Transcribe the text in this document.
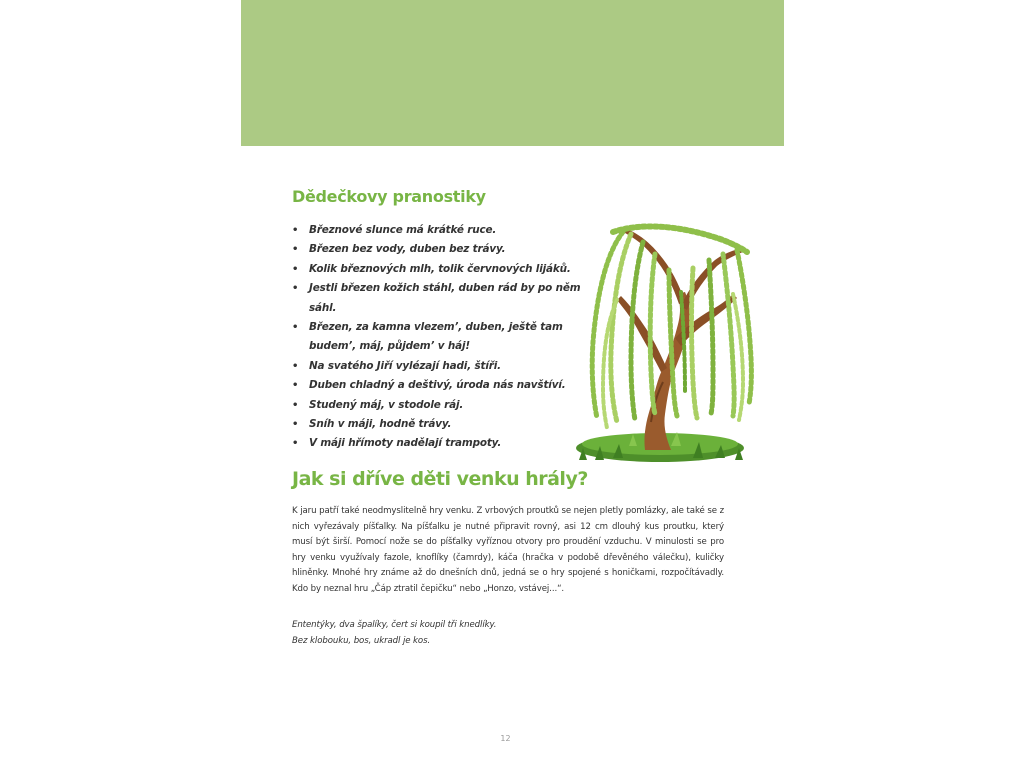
Dědečkovy pranostiky
• Březnové slunce má krátké ruce.
• Březen bez vody, duben bez trávy.
• Kolik březnových mlh, tolik červnových lijáků.
• Jestli březen kožich stáhl, duben rád by po něm sáhl.
• Březen, za kamna vlezem’, duben, ještě tam budem’, máj, půjdem’ v háj!
• Na svatého Jiří vylézají hadi, štíři.
• Duben chladný a deštivý, úroda nás navštíví.
• Studený máj, v stodole ráj.
• Sníh v máji, hodně trávy.
• V máji hřímoty nadělají trampoty.
Jak si dříve děti venku hrály?

K jaru patří také neodmyslitelně hry venku. Z vrbových proutků se nejen pletly pomlázky, ale také se z nich vyřezávaly píšťalky. Na píšťalku je nutné připravit rovný, asi 12 cm dlouhý kus proutku, který musí být širší. Pomocí nože se do píšťalky vyříznou otvory pro proudění vzduchu. V minulosti se pro hry venku využívaly fazole, knoflíky (čamrdy), káča (hračka v podobě dřevěného válečku), kuličky hliněnky. Mnohé hry známe až do dnešních dnů, jedná se o hry spojené s honičkami, rozpočítávadly. Kdo by neznal hru „Čáp ztratil čepičku“ nebo „Honzo, vstávej...“.

Ententýky, dva špalíky, čert si koupil tři knedlíky.
Bez klobouku, bos, ukradl je kos.

12
